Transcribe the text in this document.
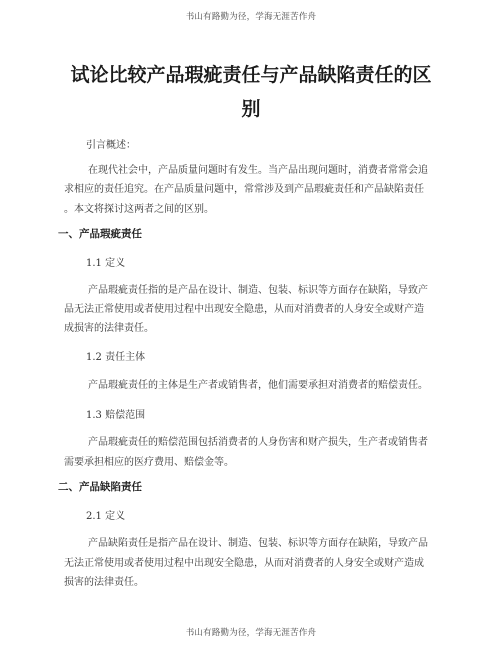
书山有路勤为径，学海无涯苦作舟
试论比较产品瑕疵责任与产品缺陷责任的区
别
引言概述：
在现代社会中，产品质量问题时有发生。当产品出现问题时，消费者常常会追
求相应的责任追究。在产品质量问题中，常常涉及到产品瑕疵责任和产品缺陷责任
。本文将探讨这两者之间的区别。
一、产品瑕疵责任
1.1 定义
产品瑕疵责任指的是产品在设计、制造、包装、标识等方面存在缺陷，导致产
品无法正常使用或者使用过程中出现安全隐患，从而对消费者的人身安全或财产造
成损害的法律责任。
1.2 责任主体
产品瑕疵责任的主体是生产者或销售者，他们需要承担对消费者的赔偿责任。
1.3 赔偿范围
产品瑕疵责任的赔偿范围包括消费者的人身伤害和财产损失，生产者或销售者
需要承担相应的医疗费用、赔偿金等。
二、产品缺陷责任
2.1 定义
产品缺陷责任是指产品在设计、制造、包装、标识等方面存在缺陷，导致产品
无法正常使用或者使用过程中出现安全隐患，从而对消费者的人身安全或财产造成
损害的法律责任。
书山有路勤为径，学海无涯苦作舟
